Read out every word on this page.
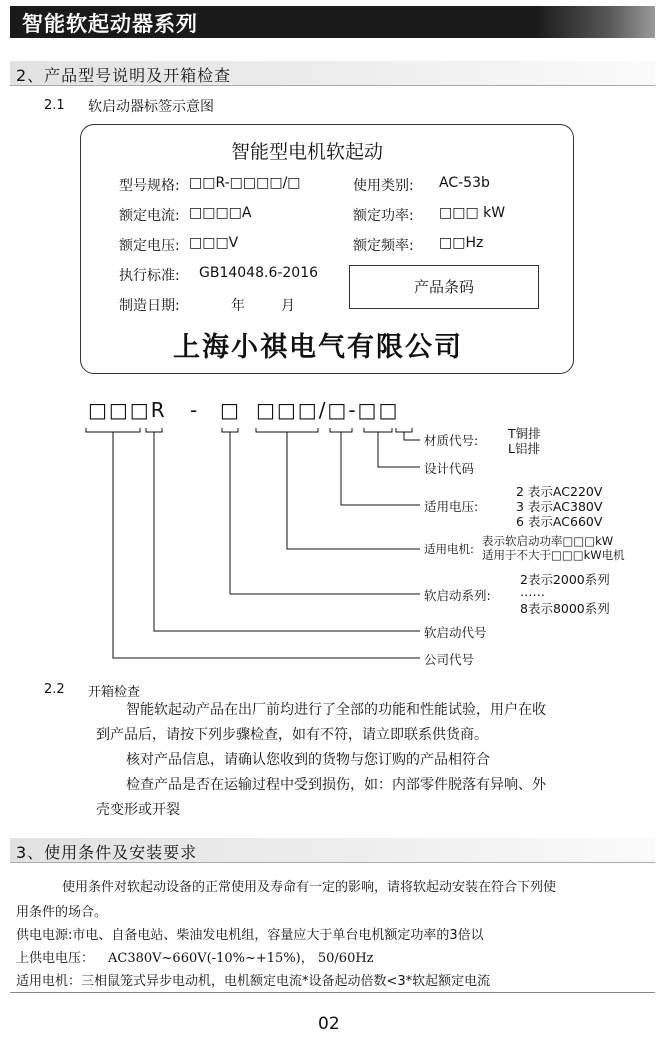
智能软起动器系列
2、产品型号说明及开箱检查
2.1 软启动器标签示意图
智能型电机软起动
型号规格: □□R-□□□□/□	使用类别: AC-53b
额定电流: □□□□A	额定功率: □□□ kW
额定电压: □□□V	额定频率: □□Hz
执行标准: GB14048.6-2016
制造日期:	年	月
产品条码
上海小祺电气有限公司
□□□R - □ □□□/□-□□
材质代号: T铜排
L铝排
设计代码
适用电压:
2 表示AC220V
3 表示AC380V
6 表示AC660V
适用电机:
表示软启动功率□□□kW
适用于不大于□□□kW电机
软启动系列:
2表示2000系列
……
8表示8000系列
软启动代号
公司代号
2.2 开箱检查
智能软起动产品在出厂前均进行了全部的功能和性能试验，用户在收
到产品后，请按下列步骤检查，如有不符，请立即联系供货商。
核对产品信息，请确认您收到的货物与您订购的产品相符合
检查产品是否在运输过程中受到损伤，如：内部零件脱落有异响、外
壳变形或开裂
3、使用条件及安装要求
使用条件对软起动设备的正常使用及寿命有一定的影响，请将软起动安装在符合下列使
用条件的场合。
供电电源:市电、自备电站、柴油发电机组，容量应大于单台电机额定功率的3倍以
上供电电压： AC380V~660V(-10%~+15%)， 50/60Hz
适用电机：三相鼠笼式异步电动机，电机额定电流*设备起动倍数<3*软起额定电流
02
